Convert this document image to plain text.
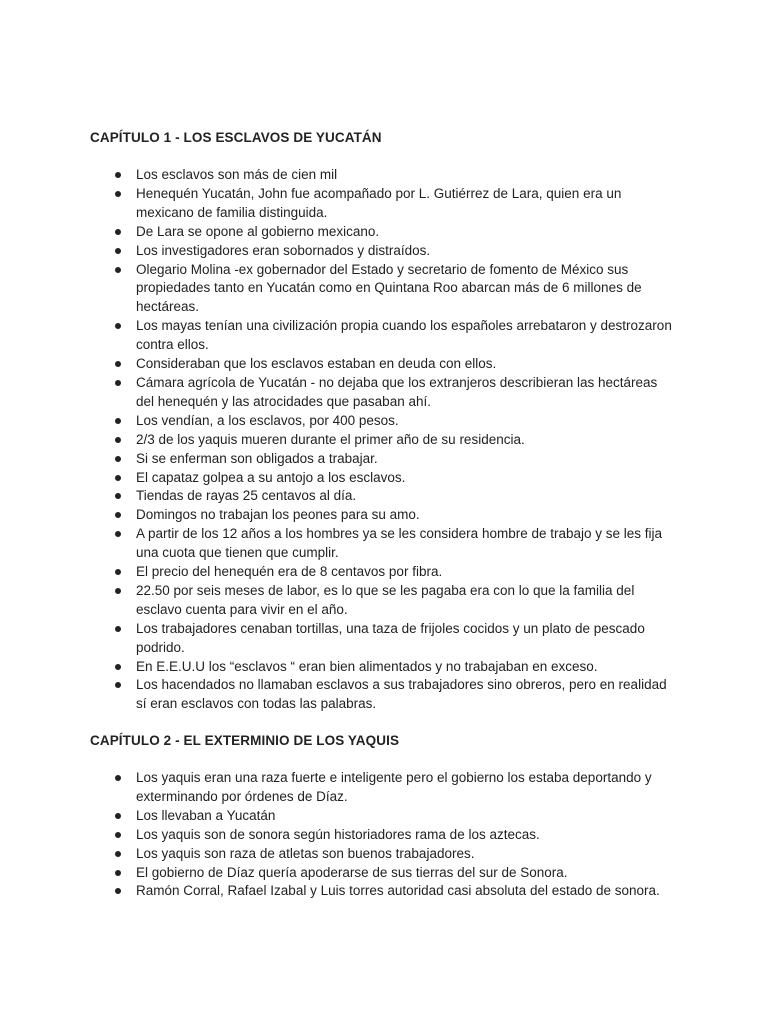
CAPÍTULO 1 - LOS ESCLAVOS DE YUCATÁN
Los esclavos son más de cien mil
Henequén Yucatán, John fue acompañado por L. Gutiérrez de Lara, quien era un mexicano de familia distinguida.
De Lara se opone al gobierno mexicano.
Los investigadores eran sobornados y distraídos.
Olegario Molina -ex gobernador del Estado y secretario de fomento de México sus propiedades tanto en Yucatán como en Quintana Roo abarcan más de 6 millones de hectáreas.
Los mayas tenían una civilización propia cuando los españoles arrebataron y destrozaron contra ellos.
Consideraban que los esclavos estaban en deuda con ellos.
Cámara agrícola de Yucatán - no dejaba que los extranjeros describieran las hectáreas del henequén y las atrocidades que pasaban ahí.
Los vendían, a los esclavos, por 400 pesos.
2/3 de los yaquis mueren durante el primer año de su residencia.
Si se enferman son obligados a trabajar.
El capataz golpea a su antojo a los esclavos.
Tiendas de rayas 25 centavos al día.
Domingos no trabajan los peones para su amo.
A partir de los 12 años a los hombres ya se les considera hombre de trabajo y se les fija una cuota que tienen que cumplir.
El precio del henequén era de 8 centavos por fibra.
22.50 por seis meses de labor, es lo que se les pagaba era con lo que la familia del esclavo cuenta para vivir en el año.
Los trabajadores cenaban tortillas, una taza de frijoles cocidos y un plato de pescado podrido.
En E.E.U.U los “esclavos “ eran bien alimentados y no trabajaban en exceso.
Los hacendados no llamaban esclavos a sus trabajadores sino obreros, pero en realidad sí eran esclavos con todas las palabras.
CAPÍTULO 2 - EL EXTERMINIO DE LOS YAQUIS
Los yaquis eran una raza fuerte e inteligente pero el gobierno los estaba deportando y exterminando por órdenes de Díaz.
Los llevaban a Yucatán
Los yaquis son de sonora según historiadores rama de los aztecas.
Los yaquis son raza de atletas son buenos trabajadores.
El gobierno de Díaz quería apoderarse de sus tierras del sur de Sonora.
Ramón Corral, Rafael Izabal y Luis torres autoridad casi absoluta del estado de sonora.
